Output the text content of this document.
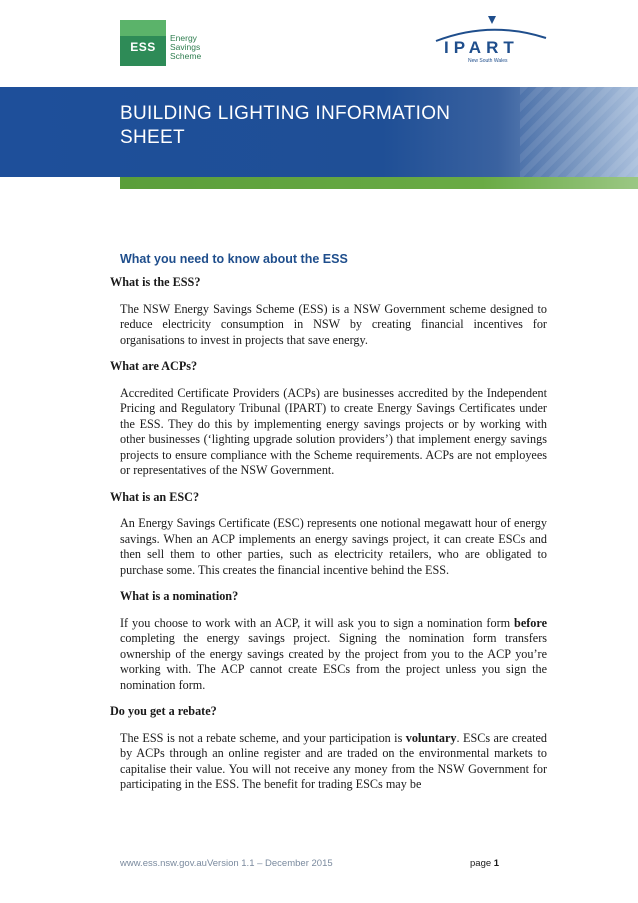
ESS
Energy
Savings
Scheme	IPART
New South Wales
BUILDING LIGHTING INFORMATION
SHEET
What you need to know about the ESS
What is the ESS?
The NSW Energy Savings Scheme (ESS) is a NSW Government scheme designed to reduce electricity consumption in NSW by creating financial incentives for organisations to invest in projects that save energy.
What are ACPs?
Accredited Certificate Providers (ACPs) are businesses accredited by the Independent Pricing and Regulatory Tribunal (IPART) to create Energy Savings Certificates under the ESS. They do this by implementing energy savings projects or by working with other businesses (‘lighting upgrade solution providers’) that implement energy savings projects to ensure compliance with the Scheme requirements. ACPs are not employees or representatives of the NSW Government.
What is an ESC?
An Energy Savings Certificate (ESC) represents one notional megawatt hour of energy savings. When an ACP implements an energy savings project, it can create ESCs and then sell them to other parties, such as electricity retailers, who are obligated to purchase some. This creates the financial incentive behind the ESS.
What is a nomination?
If you choose to work with an ACP, it will ask you to sign a nomination form before completing the energy savings project. Signing the nomination form transfers ownership of the energy savings created by the project from you to the ACP you’re working with. The ACP cannot create ESCs from the project unless you sign the nomination form.
Do you get a rebate?
The ESS is not a rebate scheme, and your participation is voluntary. ESCs are created by ACPs through an online register and are traded on the environmental markets to capitalise their value. You will not receive any money from the NSW Government for participating in the ESS. The benefit for trading ESCs may be
www.ess.nsw.gov.auVersion 1.1 – December 2015	page 1
